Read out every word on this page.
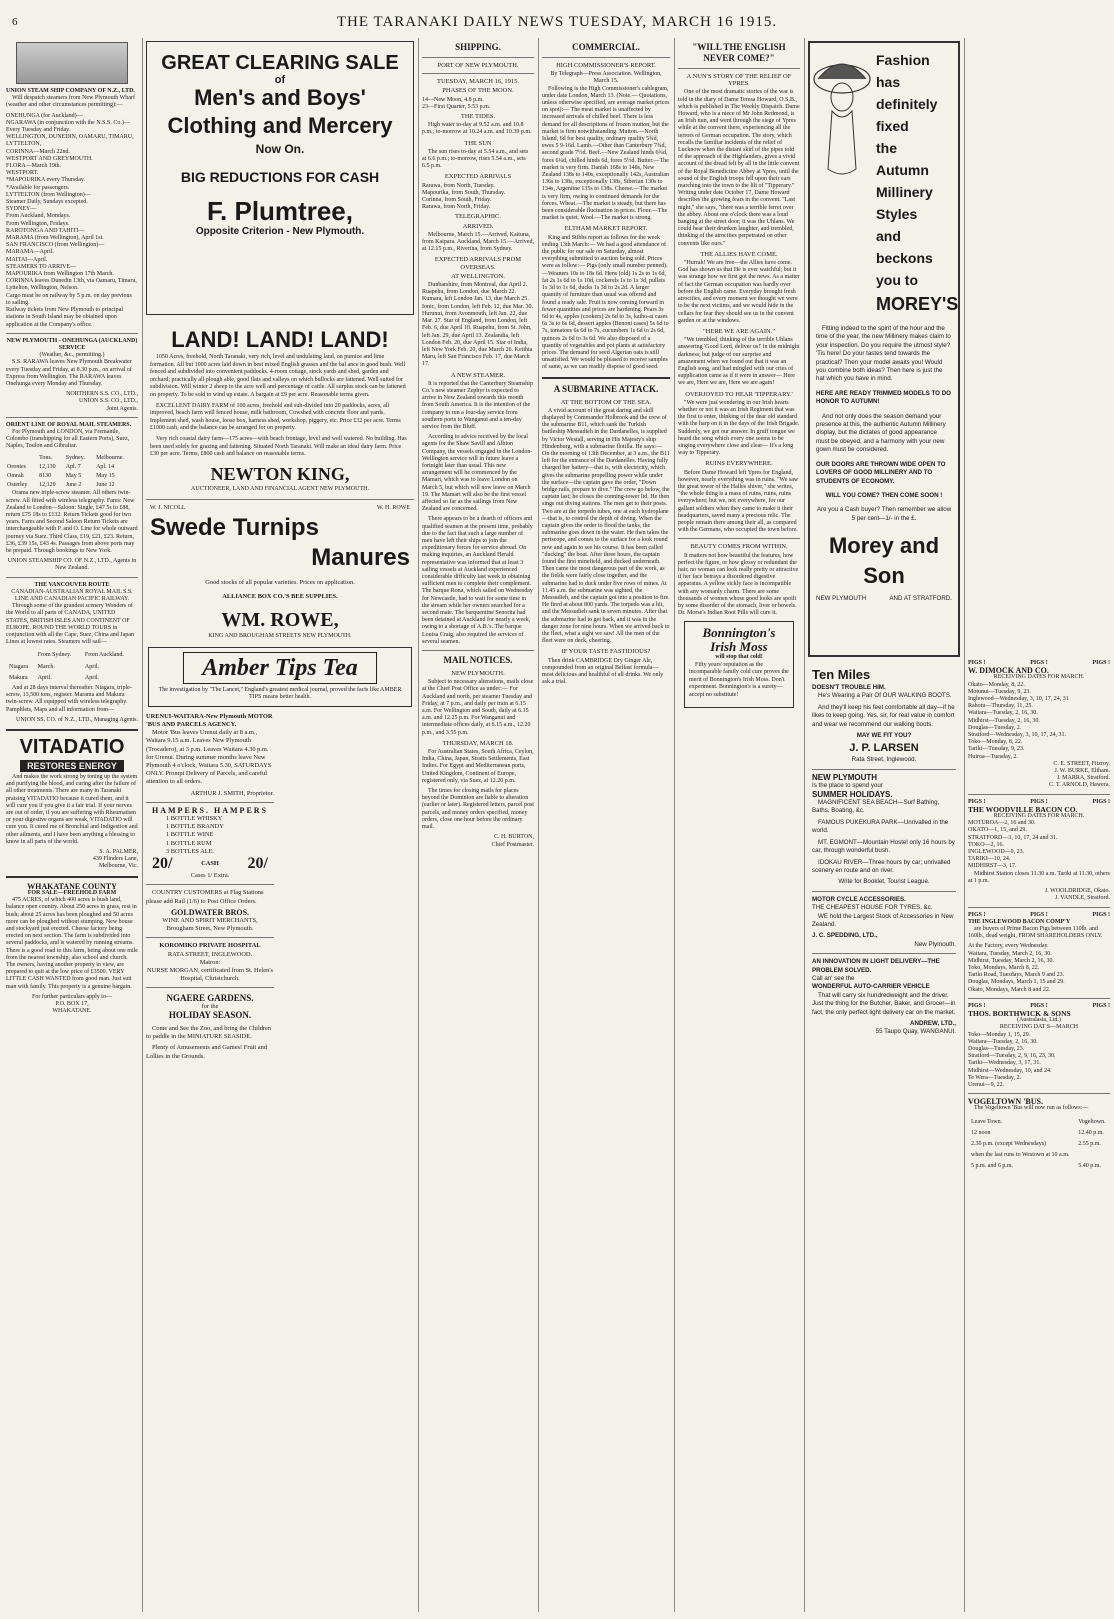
6	THE TARANAKI DAILY NEWS TUESDAY, MARCH 16 1915.
UNION STEAM SHIP COMPANY OF N.Z., LTD.

Will despatch steamers from New Plymouth Wharf (weather and other circumstances permitting):—

ONEHUNGA (for Auckland)—
NGARAWA (in conjunction with the N.S.S. Co.)—Every Tuesday and Friday.
WELLINGTON, DUNEDIN, OAMARU, TIMARU, LYTTELTON,
CORINNA—March 22nd.
WESTPORT AND GREYMOUTH.
FLORA—March 19th.
WESTPORT.
*MAPOURIKA every Thursday.
*Available for passengers.
LYTTELTON (from Wellington)—
Steamer Daily, Sundays excepted.
SYDNEY—
From Auckland, Mondays.
From Wellington, Fridays.
RAROTONGA AND TAHITI—
MARAMA (from Wellington), April 1st.
SAN FRANCISCO (from Wellington)—
MARAMA—April.
MAITAI—April.
STEAMERS TO ARRIVE—
MAPOURIKA from Wellington 17th March.
CORINNA leaves Dunedin 13th, via Oamaru, Timaru, Lyttelton, Wellington, Nelson.
Cargo must be on railway by 5 p.m. on day previous to sailing.
Railway tickets from New Plymouth to principal stations in South Island may be obtained upon application at the Company's office.
NEW PLYMOUTH - ONEHUNGA (AUCKLAND) SERVICE
(Weather, &c., permitting.)

S.S. RARAWA leaves New Plymouth Breakwater every Tuesday and Friday, at 8.30 p.m., on arrival of Express from Wellington. The RARAWA leaves Onehunga every Monday and Thursday.

NORTHERN S.S. CO., LTD.,
UNION S.S. CO., LTD.,
Joint Agents.
ORIENT LINE OF ROYAL MAIL STEAMERS.

For Plymouth and LONDON, via Fremantle, Colombo (transhipping for all Eastern Ports), Suez, Naples, Toulon and Gibraltar.

	Tons.	Sydney.	Melbourne.
Orontes	12,130	Apl. 7	Apl. 14
Omrah	8130	May 5	May 15
Osterley	12,129	June 2	June 12

Orama new triple-screw steamer. All others twin-screw. All fitted with wireless telegraphy. Fares: New Zealand to London—Saloon: Single, £47 5s to £88, return £75 18s to £132. Return Tickets good for two years. Fares and Second Saloon Return Tickets are interchangeable with P. and O. Line for whole outward journey via Suez. Third Class, £19, £21, £23. Return, £36, £39 15s, £43 4s. Passages from above ports may be prepaid. Through bookings to New York.

UNION STEAMSHIP CO. OF N.Z., LTD., Agents in New Zealand.
THE VANCOUVER ROUTE
CANADIAN-AUSTRALIAN ROYAL MAIL S.S. LINE AND CANADIAN PACIFIC RAILWAY.

Through some of the grandest scenery Wonders of the World to all parts of CANADA, UNITED STATES, BRITISH ISLES AND CONTINENT OF EUROPE. ROUND THE WORLD TOURS in conjunction with all the Cape, Suez, China and Japan Lines at lowest rates. Steamers will sail—

	From Sydney.	From Auckland.
Niagara	March.	April.
Makura	April.	April.

And at 28 days interval thereafter. Niagara, triple-screw, 13,500 tons, register. Marama and Makura twin-screw. All equipped with wireless telegraphy. Pamphlets, Maps and all information from—

UNION SS. CO. of N.Z., LTD., Managing Agents.
VITADATIO
RESTORES ENERGY

And makes the work strong by toning up the system and purifying the blood, and curing after the failure of all other treatments. There are many in Taranaki praising VITADATIO because it cured them, and it will cure you if you give it a fair trial. If your nerves are out of order, if you are suffering with Rheumatism or your digestive organs are weak, VITADATIO will cure you. It cured me of Bronchial and Indigestion and other ailments, and I have been anything a blessing to know in all parts of the world.

S. A. PALMER,
439 Flinders Lane,
Melbourne, Vic.
WHAKATANE COUNTY
FOR SALE—FREEHOLD FARM

475 ACRES, of which 400 acres is bush land, balance open country. About 250 acres in grass, rest in bush; about 25 acres has been ploughed and 50 acres more can be ploughed without stumping. New house and stockyard just erected. Cheese factory being erected on next section. The farm is subdivided into several paddocks, and is watered by running streams. There is a good road to this farm, being about one mile from the nearest township, also school and church. The owners, having another property in view, are prepared to quit at the low price of £3500. VERY LITTLE CASH WANTED from good man. Just suit man with family. This property is a genuine bargain.

For further particulars apply to—
P.O. BOX 17,
WHAKATANE.
GREAT CLEARING SALE
of
Men's and Boys'
Clothing and Mercery
Now On.
BIG REDUCTIONS FOR CASH
F. Plumtree,
Opposite Criterion - New Plymouth.
LAND! LAND! LAND!

1050 Acres, freehold, North Taranaki, very rich, level and undulating land, on pumice and lime formation. All but 1000 acres laid down in best mixed English grasses and the bal ance in good bush. Well fenced and subdivided into convenient paddocks. 4-room cottage, stock yards and shed, garden and orchard; practically all plough able, good flats and valleys on which bullocks are fattened. Well suited for subdivision. Will winter 2 sheep to the acre well and percentage of cattle. All surplus stock can be fattened on property. To be sold to wind up estate. A bargain at £9 per acre. Reasonable terms given.

EXCELLENT DAIRY FARM of 100 acres, freehold and sub-divided into 20 paddocks, acres, all improved, beach farm well fenced house, milk bathroom, Cowshed with concrete floor and yards. Implement shed, wash house, loose box, harness shed, workshop, piggery, etc. Price £32 per acre. Terms £1000 cash, and the balance can be arranged for on property.

Very rich coastal dairy farm—175 acres—with beach frontage, level and well watered. No building. Has been used solely for grazing and fattening. Situated North Taranaki. Will make an ideal dairy farm. Price £30 per acre. Terms, £800 cash and balance on reasonable terms.

NEWTON KING,
AUCTIONEER, LAND AND FINANCIAL AGENT NEW PLYMOUTH.
W. J. NICOLL	W. H. ROWE
Swede Turnips
Manures
Good stocks of all popular varieties. Prices on application.
ALLIANCE BOX CO.'S BEE SUPPLIES.
WM. ROWE,
KING AND BROUGHAM STREETS NEW PLYMOUTH.
Amber Tips Tea
The investigation by "The Lancet," England's greatest medical journal, proved the facts like AMBER TIPS means better health.
URENUI-WAITARA-New Plymouth MOTOR 'BUS AND PARCELS AGENCY.

Motor 'Bus leaves Urenui daily at 8 a.m., Waitara 9.15 a.m. Leaves New Plymouth (Trocadero), at 3 p.m. Leaves Waitara 4.30 p.m. for Urenui. During summer months leave New Plymouth 4 o'clock, Waitara 5.30, SATURDAYS ONLY. Prompt Delivery of Parcels, and careful attention to all orders.

ARTHUR J. SMITH, Proprietor.
HAMPERS. HAMPERS
1 BOTTLE WHISKY
1 BOTTLE BRANDY
1 BOTTLE WINE
1 BOTTLE RUM
3 BOTTLES ALE.
20/	CASH 20/
Cases 1/ Extra.

COUNTRY CUSTOMERS at Flag Stations please add Rail (1/6) to Post Office Orders.

GOLDWATER BROS.
WINE AND SPIRIT MERCHANTS,
Brougham Street, New Plymouth.
KOROMIKO PRIVATE HOSPITAL
RATA STREET, INGLEWOOD.
Matron:
NURSE MORGAN, certificated from St. Helen's Hospital, Christchurch.
NGAERE GARDENS.
for the
HOLIDAY SEASON.

Come and See the Zoo, and bring the Children to paddle in the MINIATURE SEASIDE.

Plenty of Amusements and Games! Fruit and Lollies in the Grounds.

SHIPPING.
PORT OF NEW PLYMOUTH.
TUESDAY, MARCH 16, 1915.
PHASES OF THE MOON.
14—New Moon, 4.8 p.m.
23—First Quarter, 5.53 p.m.
THE TIDES.

High water to-day at 9.52 a.m. and 10.8 p.m.; to-morrow at 10.24 a.m. and 10.39 p.m.

THE SUN

The sun rises to-day at 5.54 a.m., and sets at 6.6 p.m.; to-morrow, rises 5.54 a.m., sets 6.5 p.m.

EXPECTED ARRIVALS
Rarawa, from North, Tuesday.
Mapourika, from South, Thursday.
Corinna, from South, Friday.
Rarawa, from North, Friday.
TELEGRAPHIC.
ARRIVED.

Melbourne, March 15.—Arrived, Kaituna, from Kaipara. Auckland, March 15.—Arrived, at 12.15 p.m., Riverina, from Sydney.

EXPECTED ARRIVALS FROM OVERSEAS.
AT WELLINGTON.

Dunbarshire, from Montreal, due April 2. Ruapehu, from London, due March 22. Kumara, left London Jan. 13, due March 25. Ionic, from London, left Feb. 12, due Mar. 30. Hurunui, from Avonmouth, left Jan. 22, due Mar. 27. Star of England, from London, left Feb. 6, due April 10. Ruapehu, from St. John, left Jan. 29, due April 13. Zealandia, left London Feb. 20, due April 15. Star of India, left New York Feb. 20, due March 26. Keithia Maru, left San Francisco Feb. 17, due March 17.

A NEW STEAMER.

It is reported that the Canterbury Steamship Co.'s new steamer Zephyr is expected to arrive in New Zealand towards this month from South America. It is the intention of the company to run a four-day service from southern ports to Wanganui and a ten-day service from the Bluff.

According to advice received by the local agents for the Shaw Savill and Albion Company, the vessels engaged in the London-Wellington service will in future leave a fortnight later than usual. This new arrangement will be commenced by the Mamari, which was to leave London on March 5, but which will now leave on March 19. The Mamari will also be the first vessel affected so far as the sailings from New Zealand are concerned.

There appears to be a dearth of officers and qualified seamen at the present time, probably due to the fact that such a large number of men have left their ships to join the expeditionary forces for service abroad. On making inquiries, an Auckland Herald representative was informed that at least 3 sailing vessels at Auckland experienced considerable difficulty last week in obtaining sufficient men to complete their complement. The barque Rona, which sailed on Wednesday for Newcastle, had to wait for some time in the stream while her owners searched for a second mate. The barquentine Senorita had been detained at Auckland for nearly a week, owing to a shortage of A.B.'s. The barque Louisa Craig, also required the services of several seamen.

MAIL NOTICES.
NEW PLYMOUTH.

Subject to necessary alterations, mails close at the Chief Post Office as under:— For Auckland and north, per steamer Tuesday and Friday, at 7 p.m., and daily per train at 6.15 a.m. For Wellington and South, daily at 6.15 a.m. and 12.25 p.m. For Wanganui and intermediate offices daily, at 6.15 a.m., 12.20 p.m., and 3.55 p.m.

THURSDAY, MARCH 18.

For Australian States, South Africa, Ceylon, India, China, Japan, Straits Settlements, East Indies. For Egypt and Mediterranean ports, United Kingdom, Continent of Europe, registered only, via Suez, at 12.20 p.m.

The times for closing mails for places beyond the Dominion are liable to alteration (earlier or later). Registered letters, parcel post parcels, and money orders specified, money orders, close one hour before the ordinary mail.

C. H. BURTON,
Chief Postmaster.
COMMERCIAL.
HIGH COMMISSIONER'S REPORT.
By Telegraph—Press Association. Wellington, March 15.

Following is the High Commissioner's cablegram, under date London, March 13. (Note.— Quotations, unless otherwise specified, are average market prices on spot):— The meat market is unaffected by increased arrivals of chilled beef. There is less demand for all descriptions of frozen mutton, but the market is firm notwithstanding. Mutton.—North Island, 6d for best quality, ordinary quality 5¾d, ewes 5 9-16d. Lamb.—Other than Canterbury 7¾d, second grade 7½d. Beef.—New Zealand hinds 6¾d, fores 6¼d, chilled hinds 6d, fores 5½d. Butter.—The market is very firm. Danish 168s to 148s, New Zealand 138s to 140s, exceptionally 142s, Australian 136s to 138s, exceptionally 138s, Siberian 130s to 134s, Argentine 135s to 138s. Cheese.—The market is very firm, owing to continued demands for the forces. Wheat.—The market is steady, but there has been considerable fluctuation in prices. Flour.—The market is quiet. Wool.—The market is strong.

ELTHAM MARKET REPORT.

King and Stibbs report as follows for the week ending 13th March:— We had a good attendance of the public for our sale on Saturday, almost everything submitted to auction being sold. Prices were as follow:— Pigs (only small number penned).—Weaners 10s to 18s 6d. Hens (old) 1s 2s to 1s 6d, fat 2s 1s 6d to 1s 10d, cockerels 1s to 1s 3d, pullets 1s 3d to 1s 6d, ducks 1s 3d to 2s 2d. A larger quantity of furniture than usual was offered and found a ready sale. Fruit is now coming forward in fewer quantities and prices are hardening. Pears 3s 6d to 4s, apples (cookers) 2s 6d to 3s, kaiho-ai cases 6s 3s to 6s 6d, dessert apples (Benoni cases) 5s 6d to 7s, tomatoes 6s 6d to 7s, cucumbers 1s 6d to 2s 6d, quinces 2s 6d to 3s 6d. We also disposed of a quantity of vegetables and pot plants at satisfactory prices. The demand for seed Algerian oats is still unsatisfied. We would be pleased to receive samples of same, as we can readily dispose of good seed.

A SUBMARINE ATTACK.
AT THE BOTTOM OF THE SEA.

A vivid account of the great daring and skill displayed by Commander Holbrook and the crew of the submarine B11, which sank the Turkish battleship Messudieh in the Dardanelles, is supplied by Victor Westall, serving in His Majesty's ship Hindenburg, with a submarine flotilla. He says:— On the morning of 13th December, at 3 a.m., the B11 left for the entrance of the Dardanelles. Having fully charged her battery—that is, with electricity, which gives the submarine propelling power while under the surface—the captain gave the order, "Down bridge rails, prepare to dive." The crew go below, the captain last; he closes the conning-tower lid. He then sings out diving stations. The men get to their posts. Two are at the torpedo tubes, one at each hydroplane—that is, to control the depth of diving. When the captain gives the order to flood the tanks, the submarine goes down in the water. He then takes the periscope, and comes to the surface for a look round now and again to see his course. It has been called "ducking" the boat. After three hours, the captain found the first minefield, and ducked underneath. Then came the most dangerous part of the work, as the fields were fairly close together, and the submarine had to duck under five rows of mines. At 11.45 a.m. the submarine was sighted, the Messudieh, and the captain got into a position to fire. He fired at about 800 yards. The torpedo was a hit, and the Messudieh sank in seven minutes. After that the submarine had to get back, and it was in the danger zone for nine hours. When we arrived back to the fleet, what a sight we saw! All the men of the fleet were on deck, cheering.

IF YOUR TASTE FASTIDIOUS?

Then drink CAMBRIDGE Dry Ginger Ale, compounded from an original Belfast formula—most delicious and healthful of all drinks. We only ask a trial.

"WILL THE ENGLISH NEVER COME?"
A NUN'S STORY OF THE RELIEF OF YPRES.

One of the most dramatic stories of the war is told in the diary of Dame Teresa Howard, O.S.B., which is published in The Weekly Dispatch. Dame Howard, who is a niece of Mr John Redmond, is an Irish nun, and went through the siege of Ypres while at the convent there, experiencing all the terrors of German occupation. The story, which recalls the familiar incidents of the relief of Lucknow when the distant skirl of the pipes told of the approach of the Highlanders, gives a vivid account of the dread felt by all in the little convent of the Royal Benedictine Abbey at Ypres, until the sound of the English troops fell upon their ears marching into the town to the lilt of "Tipperary." Writing under date October 17, Dame Howard describes the growing fears in the convent. "Last night," she says, "there was a terrible ferret over the abbey. About one o'clock there was a loud banging at the street door; it was the Uhlans. We could hear their drunken laughter, and trembled, thinking of the atrocities perpetrated on other convents like ours."

THE ALLIES HAVE COME.

"Hurrah! We are free—the Allies have come. God has shown us that He is ever watchful; but it was strange how we first got the news. As a matter of fact the German occupation was hardly over before the English came. Everyday brought fresh atrocities, and every moment we thought we were to be the next victims, and we would hide in the cellars for fear they should see us in the convent garden or at the windows.

"HERE WE ARE AGAIN."

"We trembled, thinking of the terrible Uhlans answering 'Good Lord, deliver us!' in the midnight darkness; but judge of our surprise and amazement when we found out that it was an English song, and had mingled with our cries of supplication came as if it were in answer— Here we are, Here we are, Here we are again!

OVERJOYED TO HEAR 'TIPPERARY.'

"We were just wondering in our Irish hearts whether or not it was an Irish Regiment that was the first to enter, thinking of the dear old standard with the harp on it in the days of the Irish Brigade. Suddenly, we got our answer. In gruff tongue we heard the song which every one seems to be singing everywhere close and clear— It's a long way to Tipperary.

RUINS EVERYWHERE.

Before Dame Howard left Ypres for England, however, nearly everything was in ruins. "We saw the great tower of the Halles shiver," she writes, "the whole thing is a mass of ruins, ruins, ruins everywhere; but we, not everywhere, for our gallant soldiers when they came to make it their headquarters, saved many a precious relic. The people remain there among their all, as compared with the Germans, who occupied the town before.

BEAUTY COMES FROM WITHIN.

It matters not how beautiful the features, how perfect the figure, or how glossy or redundant the hair, no woman can look really pretty or attractive if her face betrays a disordered digestive apparatus. A yellow sickly face is incompatible with any womanly charm. There are some thousands of women whose good looks are spoilt by some disorder of the stomach, liver or bowels. Dr. Morse's Indian Root Pills will cure it.

Bonnington's Irish Moss
will stop that cold!

Fifty years' reputation as the incomparable family cold cure proves the merit of Bonnington's Irish Moss. Don't experiment. Bonnington's is a surety—accept no substitute!

Fashion has
definitely fixed
the Autumn
Millinery Styles
and beckons
you to
MOREY'S

Fitting indeed to the spirit of the hour and the time of the year, the new Millinery makes claim to your inspection. Do you require the utmost style? 'Tis here! Do your tastes tend towards the practical? Then your model awaits you! Would you combine both ideas? Then here is just the hat which you have in mind.

HERE ARE READY TRIMMED MODELS TO DO HONOR TO AUTUMN!

And not only does the season demand your presence at this, the authentic Autumn Millinery display, but the dictates of good appearance must be obeyed, and a harmony with your new gown must be considered.

OUR DOORS ARE THROWN WIDE OPEN TO LOVERS OF GOOD MILLINERY AND TO STUDENTS OF ECONOMY.
WILL YOU COME? THEN COME SOON !
Are you a Cash buyer? Then remember we allow 5 per cent—1/- in the £.
Morey and Son
NEW PLYMOUTH	AND AT STRATFORD.
Ten Miles
DOESN'T TROUBLE HIM.

He's Wearing a Pair Of OUR WALKING BOOTS.

And they'll keep his feet comfortable all day—if he likes to keep going. Yes, sir, for real value in comfort and wear we recommend our walking boots.

MAY WE FIT YOU?
J. P. LARSEN
Rata Street, Inglewood.
NEW PLYMOUTH
Is the place to spend your
SUMMER HOLIDAYS.

MAGNIFICENT SEA BEACH—Surf Bathing, Baths, Boating, &c.

FAMOUS PUKEKURA PARK—Unrivalled in the world.

MT. EGMONT—Mountain Hostel only 16 hours by car, through wonderful bush.

IDOKAU RIVER—Three hours by car; unrivalled scenery en route and on river.

Write for Booklet, Tourist League.
MOTOR CYCLE ACCESSORIES.
THE CHEAPEST HOUSE FOR TYRES, &c.

WE hold the Largest Stock of Accessories in New Zealand.

J. C. SPEDDING, LTD.,
New Plymouth.
AN INNOVATION IN LIGHT DELIVERY—THE PROBLEM SOLVED.
Call an' see the
WONDERFUL AUTO-CARRIER VEHICLE

That will carry six hundredweight and the driver. Just the thing for the Butcher, Baker, and Grocer—in fact, the only perfect light delivery car on the market.

ANDREW, LTD.,
55 Taupo Quay, WANGANUI.
PIGS !	PIGS !	PIGS !
W. DIMOCK AND CO.
RECEIVING DATES FOR MARCH.
Okato—Monday, 8, 22.
Motunui—Tuesday, 9, 23.
Inglewood—Wednesday, 3, 10, 17, 24, 31
Rahotu—Thursday, 11, 25.
Waitara—Tuesday, 2, 16, 30.
Midhirst—Tuesday, 2, 16, 30.
Douglas—Tuesday, 2.
Stratford—Wednesday, 3, 10, 17, 24, 31.
Toko—Monday, 8, 22.
Tariki—Tuesday, 9, 23.
Huiroa—Tuesday, 2.
C. E. STREET, Fitzroy.
J. W. BURKE, Eltham.
J. MARRA, Stratford.
C. T. ARNOLD, Hawera.
PIGS !	PIGS !	PIGS !
THE WOODVILLE BACON CO.
RECEIVING DATES FOR MARCH.
MOTUROA—2, 16 and 30.
OKATO—1, 15, and 29.
STRATFORD—3, 10, 17, 24 and 31.
TOKO—2, 16.
INGLEWOOD—9, 23.
TARIKI—10, 24.
MIDHIRST—3, 17.

Midhirst Station closes 11.30 a.m. Tariki at 11.30, others at 1 p.m.

J. WOOLDRIDGE, Okato.
J. VANDLE, Stratford.
PIGS !	PIGS !	PIGS !
THE INGLEWOOD BACON COMP'Y

are buyers of Prime Bacon Pigs between 110lb. and 160lb., dead weight, FROM SHAREHOLDERS ONLY.

At the Factory, every Wednesday.
Waitara, Tuesday, March 2, 16, 30.
Midhirst, Tuesday, March 2, 16, 30.
Toko, Mondays, March 8, 22.
Tariki Road, Tuesdays, March 9 and 23.
Douglas, Mondays, March 1, 15 and 29.
Okato, Mondays, March 8 and 22.
PIGS !	PIGS !	PIGS !
THOS. BORTHWICK & SONS
(Australasia, Ltd.)
RECEIVING DAT S—MARCH
Toko—Monday 1, 15, 29.
Waitara—Tuesday, 2, 16, 30.
Douglas—Tuesday, 23.
Stratford—Tuesday, 2, 9, 16, 23, 30.
Tariki—Wednesday, 3, 17, 31.
Midhirst—Wednesday, 10, and 24.
Te Wera—Tuesday, 2.
Urenui—9, 22.
VOGELTOWN 'BUS.

The Vogeltown 'Bus will now run as follows:—

Leave Town.	Vogeltown.
12 noon	12.40 p.m.
2.30 p.m. (except Wednesdays)	2.55 p.m.
when the last runs to Westown at 10 a.m.	
5 p.m. and 6 p.m.	5.40 p.m.
